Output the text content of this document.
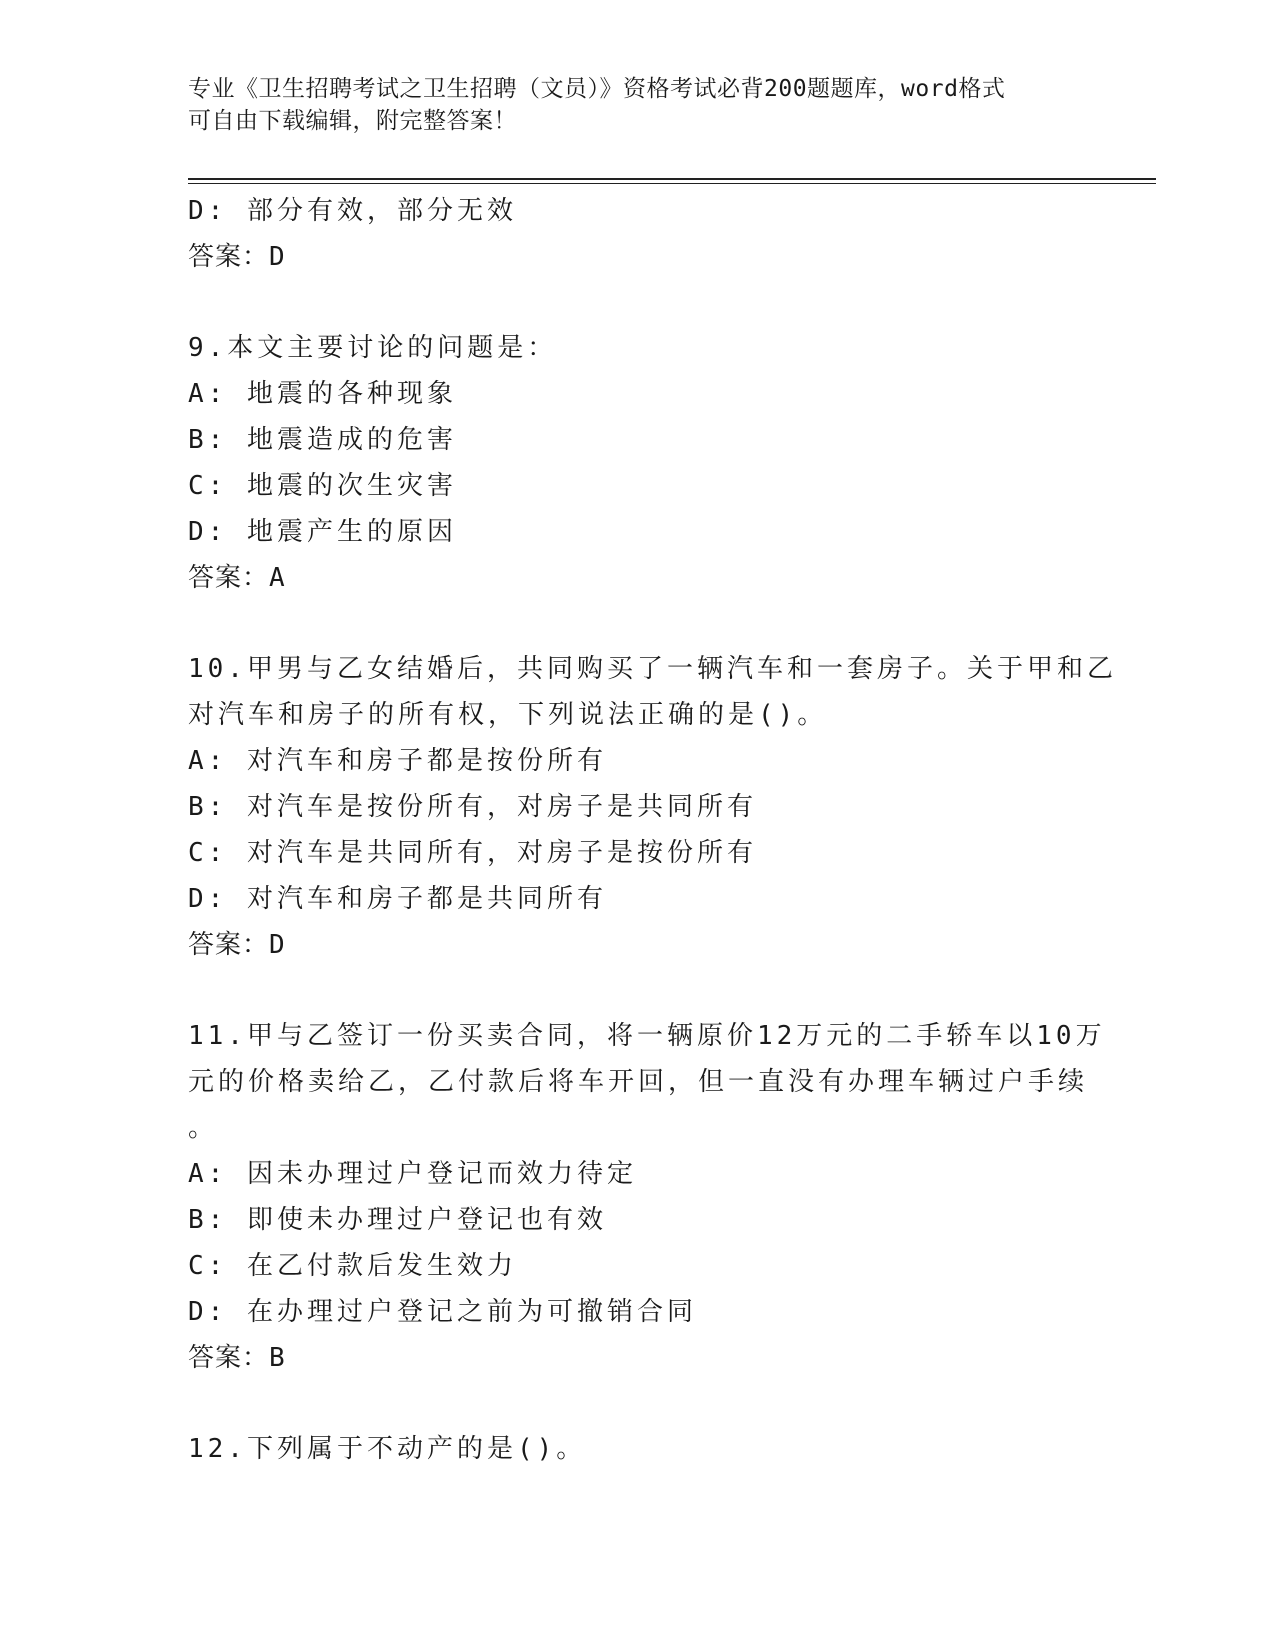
专业《卫生招聘考试之卫生招聘（文员）》资格考试必背200题题库，word格式
可自由下载编辑，附完整答案！
D: 部分有效，部分无效
答案：D
9.本文主要讨论的问题是：
A: 地震的各种现象
B: 地震造成的危害
C: 地震的次生灾害
D: 地震产生的原因
答案：A
10.甲男与乙女结婚后，共同购买了一辆汽车和一套房子。关于甲和乙
对汽车和房子的所有权，下列说法正确的是()。
A: 对汽车和房子都是按份所有
B: 对汽车是按份所有，对房子是共同所有
C: 对汽车是共同所有，对房子是按份所有
D: 对汽车和房子都是共同所有
答案：D
11.甲与乙签订一份买卖合同，将一辆原价12万元的二手轿车以10万
元的价格卖给乙，乙付款后将车开回，但一直没有办理车辆过户手续
。
A: 因未办理过户登记而效力待定
B: 即使未办理过户登记也有效
C: 在乙付款后发生效力
D: 在办理过户登记之前为可撤销合同
答案：B
12.下列属于不动产的是()。
